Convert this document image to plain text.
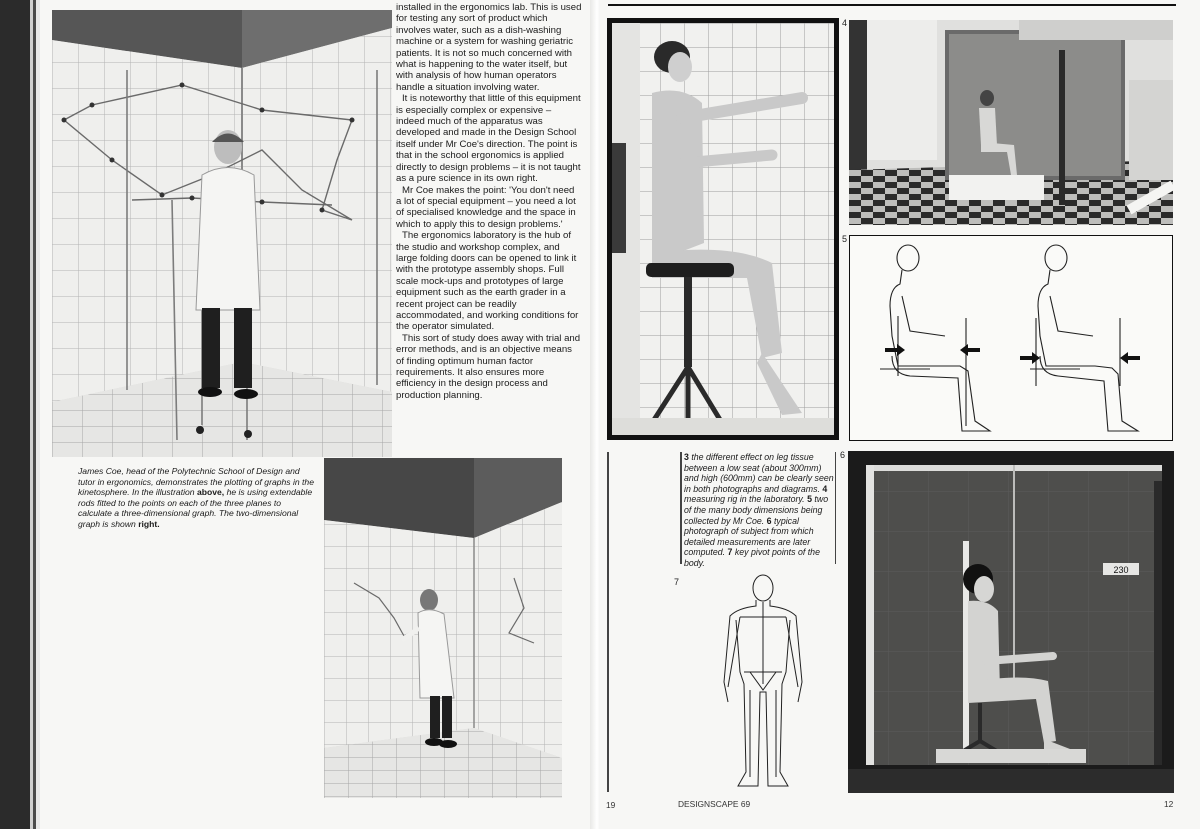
installed in the ergonomics lab. This is used for testing any sort of product which involves water, such as a dish-washing machine or a system for washing geriatric patients. It is not so much concerned with what is happening to the water itself, but with analysis of how human operators handle a situation involving water.

It is noteworthy that little of this equipment is especially complex or expensive – indeed much of the apparatus was developed and made in the Design School itself under Mr Coe's direction. The point is that in the school ergonomics is applied directly to design problems – it is not taught as a pure science in its own right.

Mr Coe makes the point: 'You don't need a lot of special equipment – you need a lot of specialised knowledge and the space in which to apply this to design problems.'

The ergonomics laboratory is the hub of the studio and workshop complex, and large folding doors can be opened to link it with the prototype assembly shops. Full scale mock-ups and prototypes of large equipment such as the earth grader in a recent project can be readily accommodated, and working conditions for the operator simulated.

This sort of study does away with trial and error methods, and is an objective means of finding optimum human factor requirements. It also ensures more efficiency in the design process and production planning.

James Coe, head of the Polytechnic School of Design and tutor in ergonomics, demonstrates the plotting of graphs in the kinetosphere. In the illustration above, he is using extendable rods fitted to the points on each of the three planes to calculate a three-dimensional graph. The two-dimensional graph is shown right.
4
5
3 the different effect on leg tissue between a low seat (about 300mm) and high (600mm) can be clearly seen in both photographs and diagrams. 4 measuring rig in the laboratory. 5 two of the many body dimensions being collected by Mr Coe. 6 typical photograph of subject from which detailed measurements are later computed. 7 key pivot points of the body.
7
6
230
19	DESIGNSCAPE 69	12
